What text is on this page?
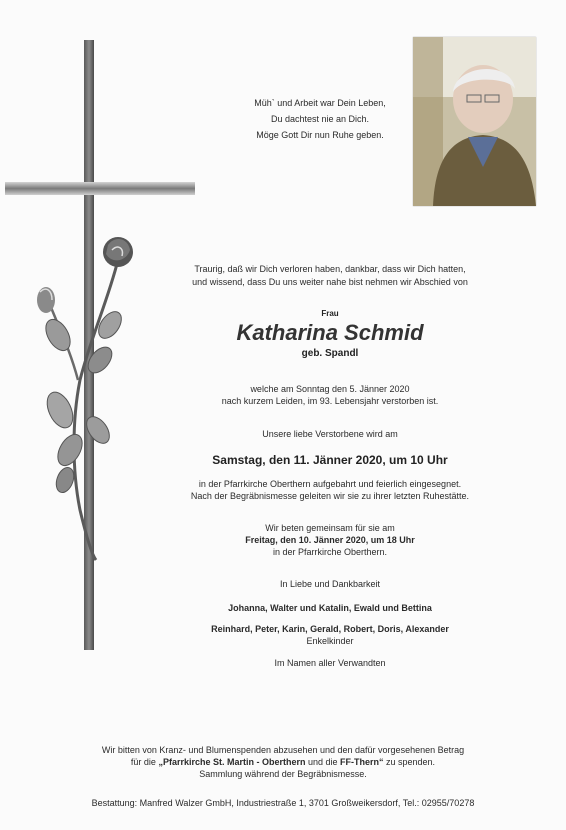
Müh` und Arbeit war Dein Leben,
Du dachtest nie an Dich.
Möge Gott Dir nun Ruhe geben.
Traurig, daß wir Dich verloren haben, dankbar, dass wir Dich hatten,
und wissend, dass Du uns weiter nahe bist nehmen wir Abschied von
Frau
Katharina Schmid
geb. Spandl
welche am Sonntag den 5. Jänner 2020
nach kurzem Leiden, im 93. Lebensjahr verstorben ist.
Unsere liebe Verstorbene wird am
Samstag, den 11. Jänner 2020, um 10 Uhr
in der Pfarrkirche Oberthern aufgebahrt und feierlich eingesegnet.
Nach der Begräbnismesse geleiten wir sie zu ihrer letzten Ruhestätte.
Wir beten gemeinsam für sie am
Freitag, den 10. Jänner 2020, um 18 Uhr
in der Pfarrkirche Oberthern.
In Liebe und Dankbarkeit
Johanna, Walter und Katalin, Ewald und Bettina
Reinhard, Peter, Karin, Gerald, Robert, Doris, Alexander
Enkelkinder
Im Namen aller Verwandten
Wir bitten von Kranz- und Blumenspenden abzusehen und den dafür vorgesehenen Betrag
für die „Pfarrkirche St. Martin - Oberthern und die FF-Thern“ zu spenden.
Sammlung während der Begräbnismesse.
Bestattung: Manfred Walzer GmbH, Industriestraße 1, 3701 Großweikersdorf, Tel.: 02955/70278
